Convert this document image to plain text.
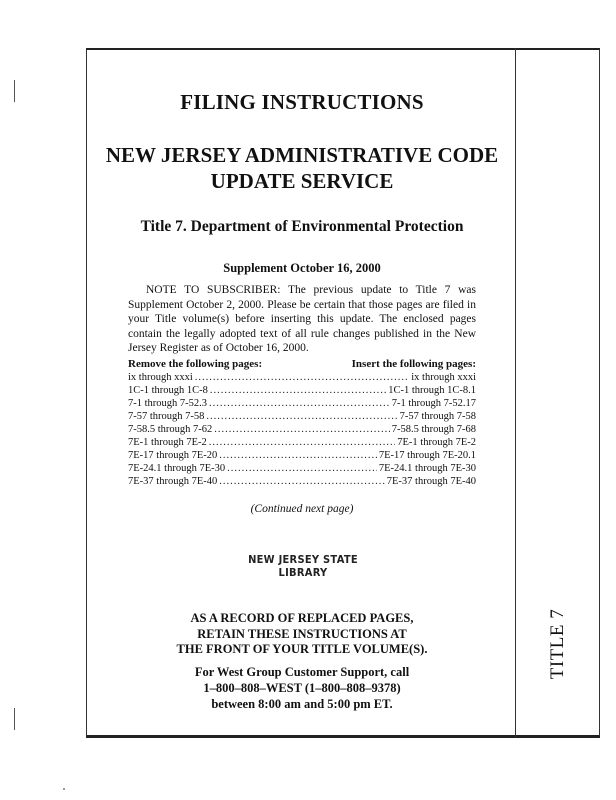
TITLE 7
FILING INSTRUCTIONS
NEW JERSEY ADMINISTRATIVE CODE
UPDATE SERVICE
Title 7. Department of Environmental Protection
Supplement October 16, 2000
NOTE TO SUBSCRIBER: The previous update to Title 7 was Supplement October 2, 2000. Please be certain that those pages are filed in your Title volume(s) before inserting this update. The enclosed pages contain the legally adopted text of all rule changes published in the New Jersey Register as of October 16, 2000.
Remove the following pages:	Insert the following pages:
ix through xxxi .....	ix through xxxi
1C-1 through 1C-8 .....	1C-1 through 1C-8.1
7-1 through 7-52.3 .....	7-1 through 7-52.17
7-57 through 7-58 .....	7-57 through 7-58
7-58.5 through 7-62 .....	7-58.5 through 7-68
7E-1 through 7E-2 .....	7E-1 through 7E-2
7E-17 through 7E-20 .....	7E-17 through 7E-20.1
7E-24.1 through 7E-30 .....	7E-24.1 through 7E-30
7E-37 through 7E-40 .....	7E-37 through 7E-40
(Continued next page)
NEW JERSEY STATE LIBRARY
AS A RECORD OF REPLACED PAGES,
RETAIN THESE INSTRUCTIONS AT
THE FRONT OF YOUR TITLE VOLUME(S).
For West Group Customer Support, call
1–800–808–WEST (1–800–808–9378)
between 8:00 am and 5:00 pm ET.
